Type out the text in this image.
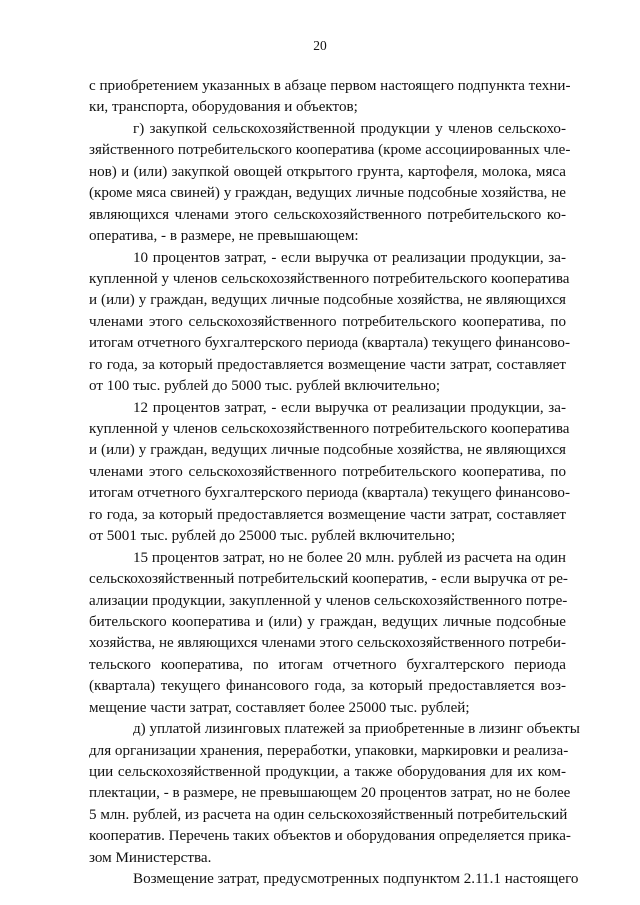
20
с приобретением указанных в абзаце первом настоящего подпункта техни-
ки, транспорта, оборудования и объектов;
г) закупкой сельскохозяйственной продукции у членов сельскохо-
зяйственного потребительского кооператива (кроме ассоциированных чле-
нов) и (или) закупкой овощей открытого грунта, картофеля, молока, мяса
(кроме мяса свиней) у граждан, ведущих личные подсобные хозяйства, не
являющихся членами этого сельскохозяйственного потребительского ко-
оператива, - в размере, не превышающем:
10 процентов затрат, - если выручка от реализации продукции, за-
купленной у членов сельскохозяйственного потребительского кооператива
и (или) у граждан, ведущих личные подсобные хозяйства, не являющихся
членами этого сельскохозяйственного потребительского кооператива, по
итогам отчетного бухгалтерского периода (квартала) текущего финансово-
го года, за который предоставляется возмещение части затрат, составляет
от 100 тыс. рублей до 5000 тыс. рублей включительно;
12 процентов затрат, - если выручка от реализации продукции, за-
купленной у членов сельскохозяйственного потребительского кооператива
и (или) у граждан, ведущих личные подсобные хозяйства, не являющихся
членами этого сельскохозяйственного потребительского кооператива, по
итогам отчетного бухгалтерского периода (квартала) текущего финансово-
го года, за который предоставляется возмещение части затрат, составляет
от 5001 тыс. рублей до 25000 тыс. рублей включительно;
15 процентов затрат, но не более 20 млн. рублей из расчета на один
сельскохозяйственный потребительский кооператив, - если выручка от ре-
ализации продукции, закупленной у членов сельскохозяйственного потре-
бительского кооператива и (или) у граждан, ведущих личные подсобные
хозяйства, не являющихся членами этого сельскохозяйственного потреби-
тельского кооператива, по итогам отчетного бухгалтерского периода
(квартала) текущего финансового года, за который предоставляется воз-
мещение части затрат, составляет более 25000 тыс. рублей;
д) уплатой лизинговых платежей за приобретенные в лизинг объекты
для организации хранения, переработки, упаковки, маркировки и реализа-
ции сельскохозяйственной продукции, а также оборудования для их ком-
плектации, - в размере, не превышающем 20 процентов затрат, но не более
5 млн. рублей, из расчета на один сельскохозяйственный потребительский
кооператив. Перечень таких объектов и оборудования определяется прика-
зом Министерства.
Возмещение затрат, предусмотренных подпунктом 2.11.1 настоящего
